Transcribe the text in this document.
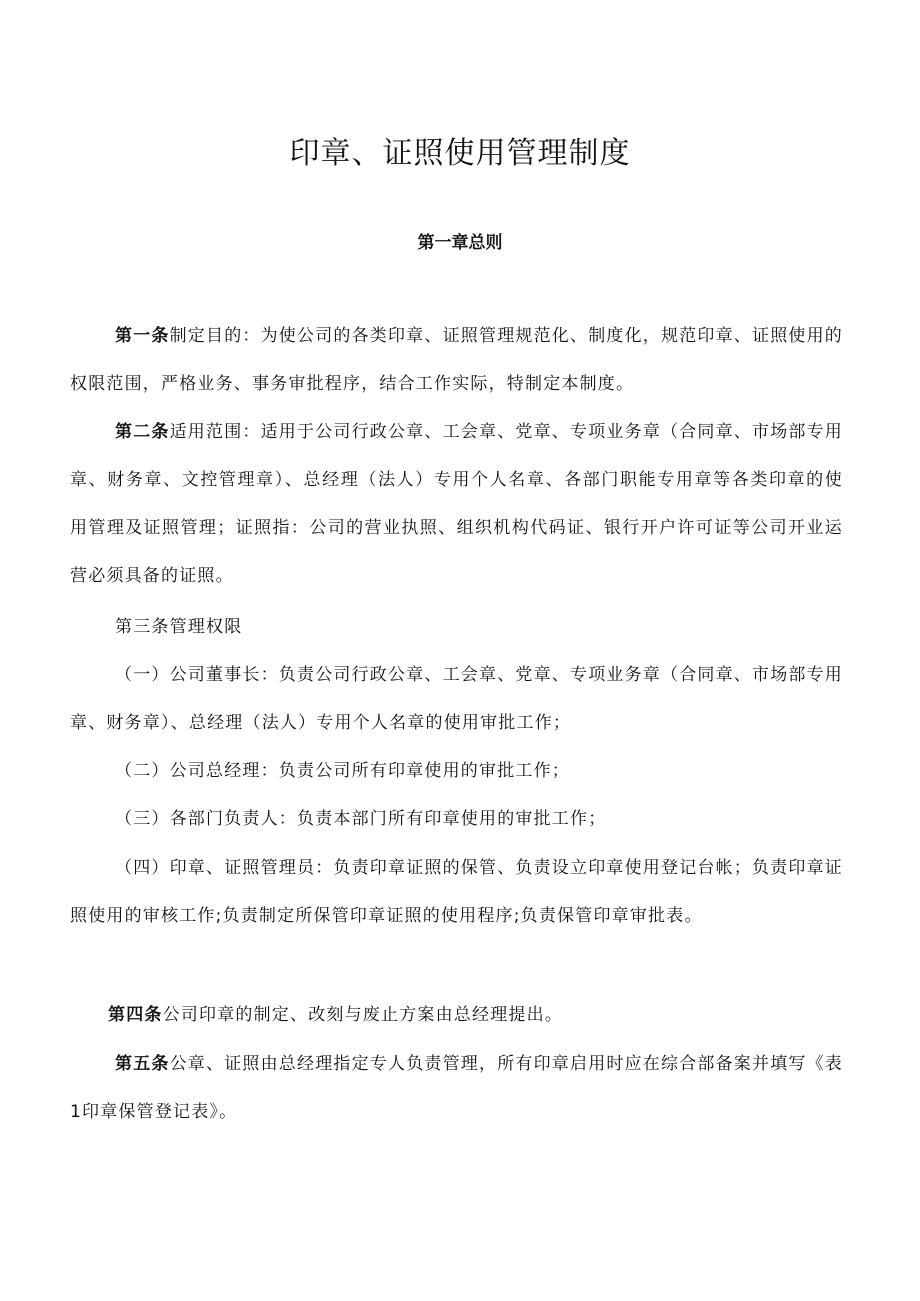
印章、证照使用管理制度
第一章总则

第一条制定目的：为使公司的各类印章、证照管理规范化、制度化，规范印章、证照使用的权限范围，严格业务、事务审批程序，结合工作实际，特制定本制度。

第二条适用范围：适用于公司行政公章、工会章、党章、专项业务章（合同章、市场部专用章、财务章、文控管理章）、总经理（法人）专用个人名章、各部门职能专用章等各类印章的使用管理及证照管理；证照指：公司的营业执照、组织机构代码证、银行开户许可证等公司开业运营必须具备的证照。

第三条管理权限

（一）公司董事长：负责公司行政公章、工会章、党章、专项业务章（合同章、市场部专用章、财务章）、总经理（法人）专用个人名章的使用审批工作；

（二）公司总经理：负责公司所有印章使用的审批工作；

（三）各部门负责人：负责本部门所有印章使用的审批工作；

（四）印章、证照管理员：负责印章证照的保管、负责设立印章使用登记台帐；负责印章证照使用的审核工作;负责制定所保管印章证照的使用程序;负责保管印章审批表。

第四条公司印章的制定、改刻与废止方案由总经理提出。

第五条公章、证照由总经理指定专人负责管理，所有印章启用时应在综合部备案并填写《表1印章保管登记表》。
